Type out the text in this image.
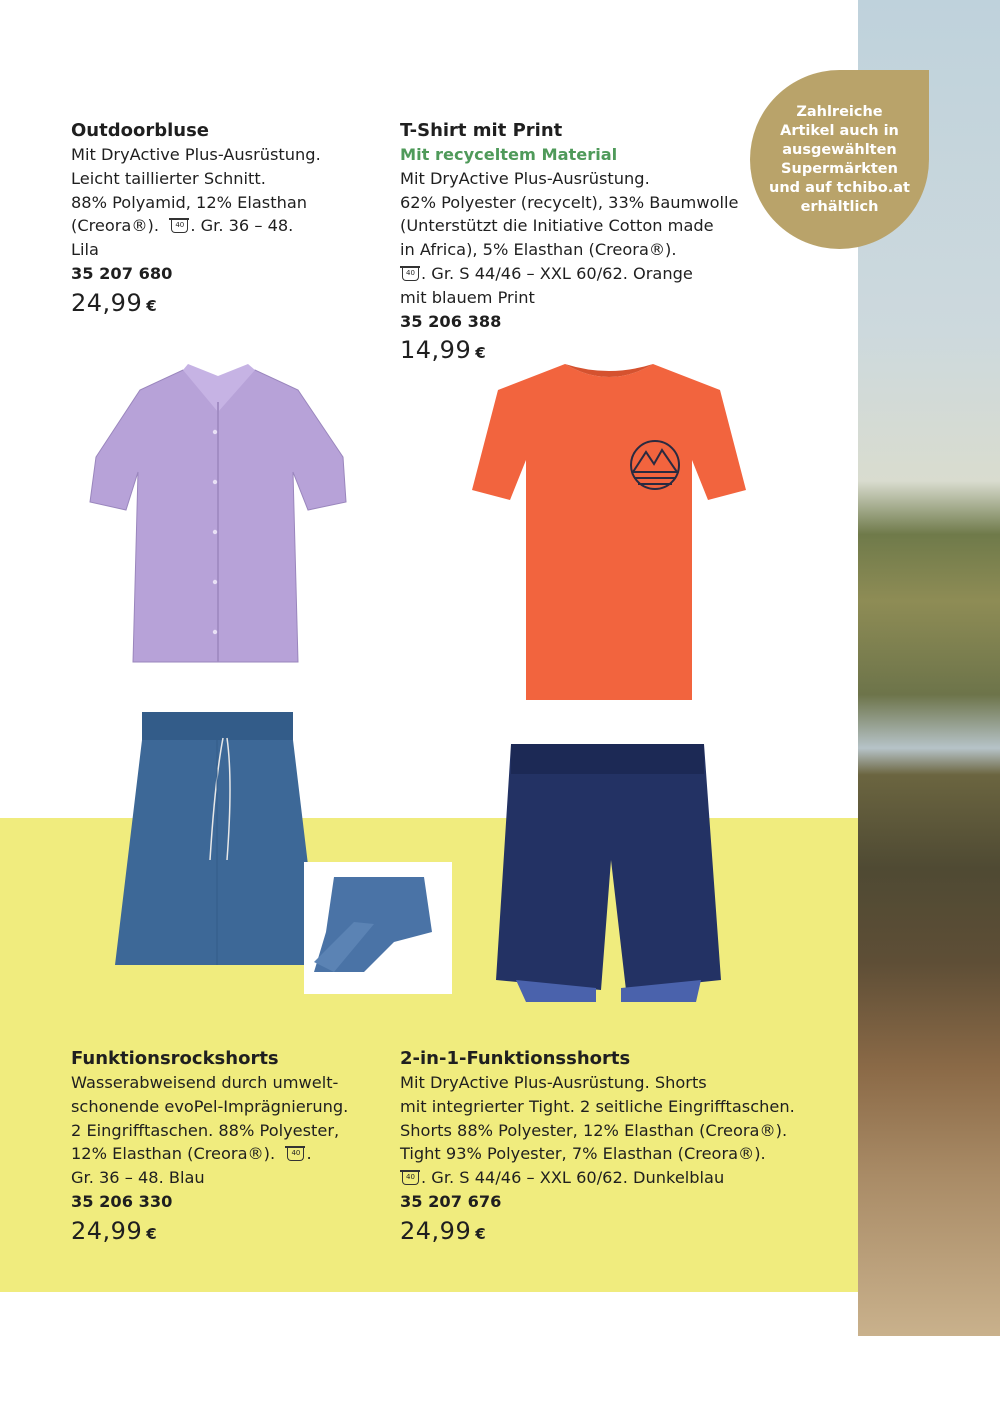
Zahlreiche
Artikel auch in
ausgewählten
Supermärkten
und auf tchibo.at
erhältlich
Outdoorbluse
Mit DryActive Plus-Ausrüstung.
Leicht taillierter Schnitt.
88% Polyamid, 12% Elasthan
(Creora®). 40 . Gr. 36 – 48.
Lila
35 207 680
24,99 €
T-Shirt mit Print
Mit recyceltem Material
Mit DryActive Plus-Ausrüstung.
62% Polyester (recycelt), 33% Baumwolle
(Unterstützt die Initiative Cotton made
in Africa), 5% Elasthan (Creora®).
40 . Gr. S 44/46 – XXL 60/62. Orange
mit blauem Print
35 206 388
14,99 €
Funktionsrockshorts
Wasserabweisend durch umwelt-
schonende evoPel-Imprägnierung.
2 Eingrifftaschen. 88% Polyester,
12% Elasthan (Creora®). 40 .
Gr. 36 – 48. Blau
35 206 330
24,99 €
2-in-1-Funktionsshorts
Mit DryActive Plus-Ausrüstung. Shorts
mit integrierter Tight. 2 seitliche Eingrifftaschen.
Shorts 88% Polyester, 12% Elasthan (Creora®).
Tight 93% Polyester, 7% Elasthan (Creora®).
40 . Gr. S 44/46 – XXL 60/62. Dunkelblau
35 207 676
24,99 €
